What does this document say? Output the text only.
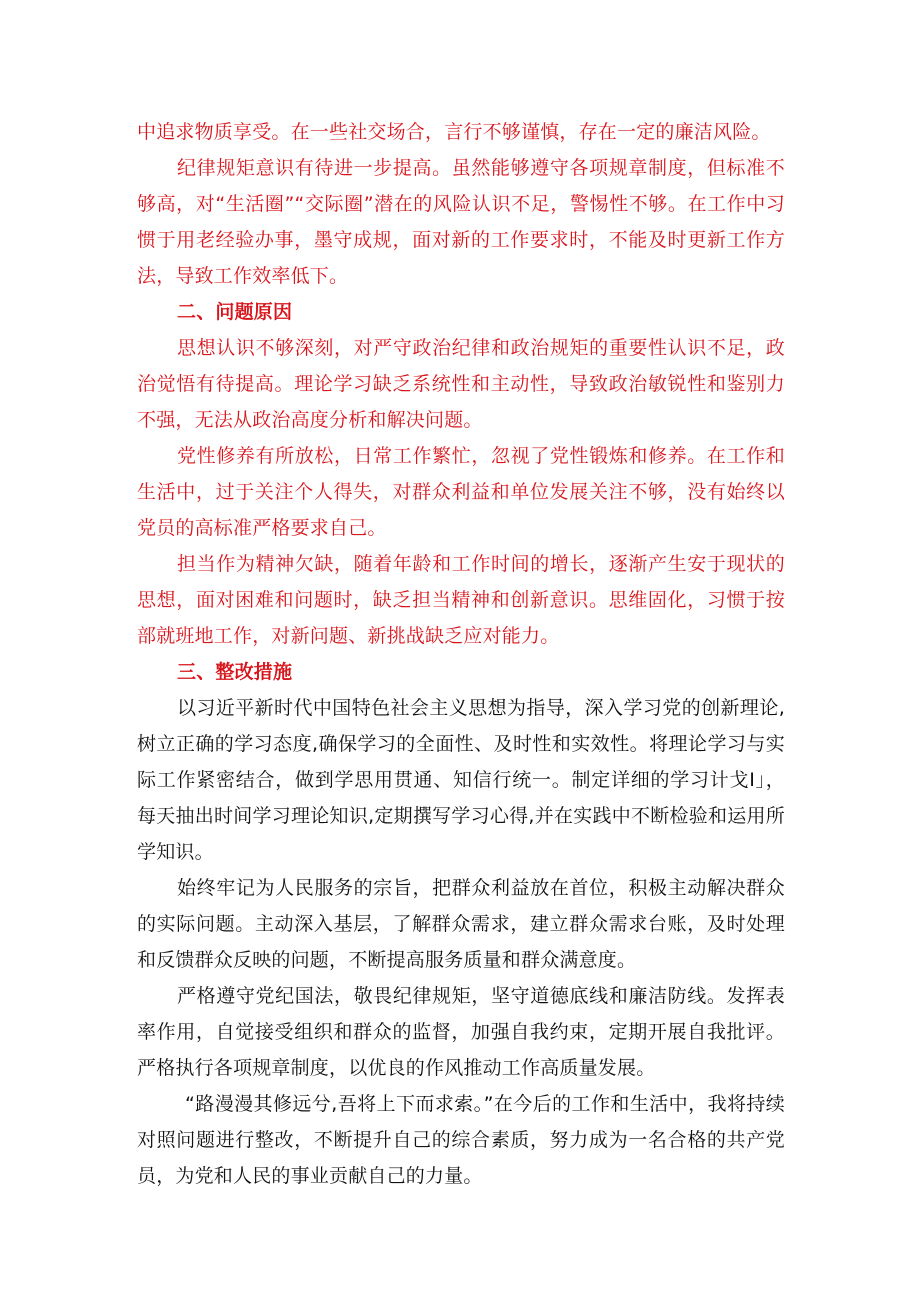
中追求物质享受。在一些社交场合，言行不够谨慎，存在一定的廉洁风险。

纪律规矩意识有待进一步提高。虽然能够遵守各项规章制度，但标准不够高，对“生活圈”“交际圈”潜在的风险认识不足，警惕性不够。在工作中习惯于用老经验办事，墨守成规，面对新的工作要求时，不能及时更新工作方法，导致工作效率低下。

二、问题原因

思想认识不够深刻，对严守政治纪律和政治规矩的重要性认识不足，政治觉悟有待提高。理论学习缺乏系统性和主动性，导致政治敏锐性和鉴别力不强，无法从政治高度分析和解决问题。

党性修养有所放松，日常工作繁忙，忽视了党性锻炼和修养。在工作和生活中，过于关注个人得失，对群众利益和单位发展关注不够，没有始终以党员的高标准严格要求自己。

担当作为精神欠缺，随着年龄和工作时间的增长，逐渐产生安于现状的思想，面对困难和问题时，缺乏担当精神和创新意识。思维固化，习惯于按部就班地工作，对新问题、新挑战缺乏应对能力。

三、整改措施

以习近平新时代中国特色社会主义思想为指导，深入学习党的创新理论,树立正确的学习态度,确保学习的全面性、及时性和实效性。将理论学习与实际工作紧密结合，做到学思用贯通、知信行统一。制定详细的学习计戈I」，每天抽出时间学习理论知识,定期撰写学习心得,并在实践中不断检验和运用所学知识。

始终牢记为人民服务的宗旨，把群众利益放在首位，积极主动解决群众的实际问题。主动深入基层，了解群众需求，建立群众需求台账，及时处理和反馈群众反映的问题，不断提高服务质量和群众满意度。

严格遵守党纪国法，敬畏纪律规矩，坚守道德底线和廉洁防线。发挥表率作用，自觉接受组织和群众的监督，加强自我约束，定期开展自我批评。严格执行各项规章制度，以优良的作风推动工作高质量发展。

“路漫漫其修远兮,吾将上下而求索。”在今后的工作和生活中，我将持续对照问题进行整改，不断提升自己的综合素质，努力成为一名合格的共产党员，为党和人民的事业贡献自己的力量。
